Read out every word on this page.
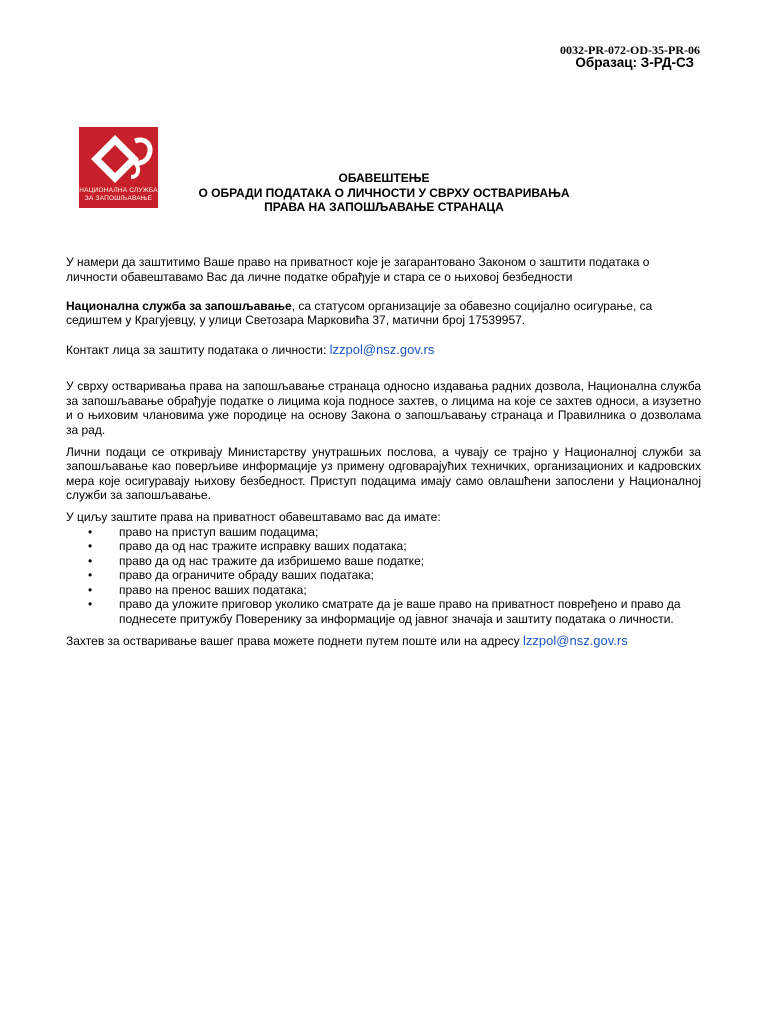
0032-PR-072-OD-35-PR-06
Образац: З-РД-СЗ
НАЦИОНАЛНА СЛУЖБА
ЗА ЗАПОШЉАВАЊЕ
ОБАВЕШТЕЊЕ
О ОБРАДИ ПОДАТАКА О ЛИЧНОСТИ У СВРХУ ОСТВАРИВАЊА
ПРАВА НА ЗАПОШЉАВАЊЕ СТРАНАЦА

У намери да заштитимо Ваше право на приватност које је загарантовано Законом о заштити података о личности обавештавамо Вас да личне податке обрађује и стара се о њиховој безбедности

Национална служба за запошљавање, са статусом организације за обавезно социјално осигурање, са седиштем у Крагујевцу, у улици Светозара Марковића 37, матични број 17539957.

Контакт лица за заштиту података о личности: lzzpol@nsz.gov.rs

У сврху остваривања права на запошљавање странаца односно издавања радних дозвола, Национална служба за запошљавање обрађује податке о лицима која подносе захтев, о лицима на које се захтев односи, а изузетно и о њиховим члановима уже породице на основу Закона о запошљавању странаца и Правилника о дозволама за рад.

Лични подаци се откривају Министарству унутрашњих послова, а чувају се трајно у Националној служби за запошљавање као поверљиве информације уз примену одговарајућих техничких, организационих и кадровских мера које осигуравају њихову безбедност. Приступ подацима имају само овлашћени запослени у Националној служби за запошљавање.

У циљу заштите права на приватност обавештавамо вас да имате:

• право на приступ вашим подацима;
• право да од нас тражите исправку ваших података;
• право да од нас тражите да избришемо ваше податке;
• право да ограничите обраду ваших података;
• право на пренос ваших података;
• право да уложите приговор уколико сматрате да је ваше право на приватност повређено и право да поднесете притужбу Поверенику за информације од јавног значаја и заштиту података о личности.

Захтев за остваривање вашег права можете поднети путем поште или на адресу lzzpol@nsz.gov.rs
